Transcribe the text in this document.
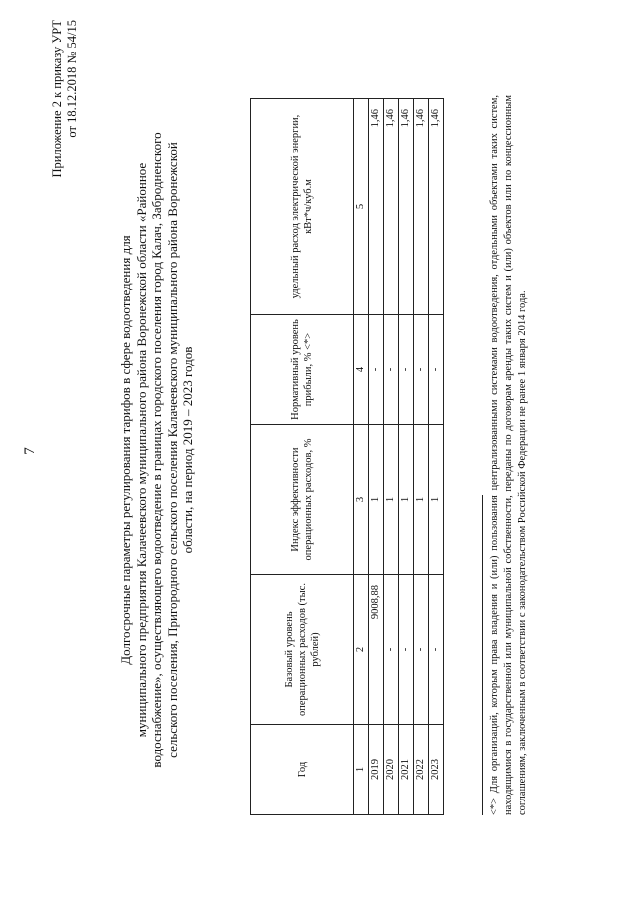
7
Приложение 2 к приказу УРТ от 18.12.2018 № 54/15
Долгосрочные параметры регулирования тарифов в сфере водоотведения для муниципального предприятия Калачеевского муниципального района Воронежской области «Районное водоснабжение», осуществляющего водоотведение в границах городского поселения город Калач, Забродненского сельского поселения, Пригородного сельского поселения Калачеевского муниципального района Воронежской области, на период 2019 – 2023 годов
Год	Базовый уровень операционных расходов (тыс. рублей)	Индекс эффективности операционных расходов, %	Нормативный уровень прибыли, % <*>	удельный расход электрической энергии, кВт*ч/куб.м
1	2	3	4	5
2019	9008,88	1	-	1,46
2020	-	1	-	1,46
2021	-	1	-	1,46
2022	-	1	-	1,46
2023	-	1	-	1,46	<*> Для организаций, которым права владения и (или) пользования централизованными системами водоотведения, отдельными объектами таких систем, находящимися в государственной или муниципальной собственности, переданы по договорам аренды таких систем и (или) объектов или по концессионным соглашениям, заключенным в соответствии с законодательством Российской Федерации не ранее 1 января 2014 года.
